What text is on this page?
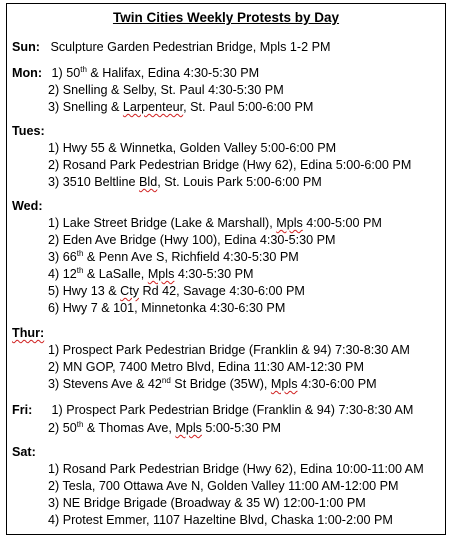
Twin Cities Weekly Protests by Day
Sun: Sculpture Garden Pedestrian Bridge, Mpls 1-2 PM
Mon: 1) 50th & Halifax, Edina 4:30-5:30 PM
2) Snelling & Selby, St. Paul 4:30-5:30 PM
3) Snelling & Larpenteur, St. Paul 5:00-6:00 PM
Tues:
1) Hwy 55 & Winnetka, Golden Valley 5:00-6:00 PM
2) Rosand Park Pedestrian Bridge (Hwy 62), Edina 5:00-6:00 PM
3) 3510 Beltline Bld, St. Louis Park 5:00-6:00 PM
Wed:
1) Lake Street Bridge (Lake & Marshall), Mpls 4:00-5:00 PM
2) Eden Ave Bridge (Hwy 100), Edina 4:30-5:30 PM
3) 66th & Penn Ave S, Richfield 4:30-5:30 PM
4) 12th & LaSalle, Mpls 4:30-5:30 PM
5) Hwy 13 & Cty Rd 42, Savage 4:30-6:00 PM
6) Hwy 7 & 101, Minnetonka 4:30-6:30 PM
Thur:
1) Prospect Park Pedestrian Bridge (Franklin & 94) 7:30-8:30 AM
2) MN GOP, 7400 Metro Blvd, Edina 11:30 AM-12:30 PM
3) Stevens Ave & 42nd St Bridge (35W), Mpls 4:30-6:00 PM
Fri: 1) Prospect Park Pedestrian Bridge (Franklin & 94) 7:30-8:30 AM
2) 50th & Thomas Ave, Mpls 5:00-5:30 PM
Sat:
1) Rosand Park Pedestrian Bridge (Hwy 62), Edina 10:00-11:00 AM
2) Tesla, 700 Ottawa Ave N, Golden Valley 11:00 AM-12:00 PM
3) NE Bridge Brigade (Broadway & 35 W) 12:00-1:00 PM
4) Protest Emmer, 1107 Hazeltine Blvd, Chaska 1:00-2:00 PM
